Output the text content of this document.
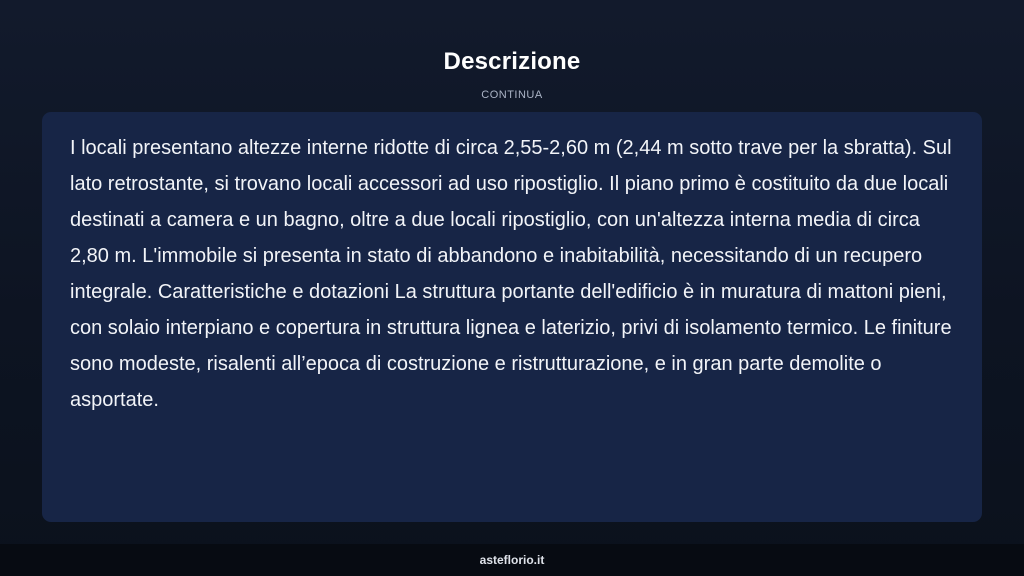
Descrizione
CONTINUA

I locali presentano altezze interne ridotte di circa 2,55-2,60 m (2,44 m sotto trave per la sbratta). Sul lato retrostante, si trovano locali accessori ad uso ripostiglio. Il piano primo è costituito da due locali destinati a camera e un bagno, oltre a due locali ripostiglio, con un'altezza interna media di circa 2,80 m. L'immobile si presenta in stato di abbandono e inabitabilità, necessitando di un recupero integrale. Caratteristiche e dotazioni La struttura portante dell'edificio è in muratura di mattoni pieni, con solaio interpiano e copertura in struttura lignea e laterizio, privi di isolamento termico. Le finiture sono modeste, risalenti all’epoca di costruzione e ristrutturazione, e in gran parte demolite o asportate.

asteflorio.it
